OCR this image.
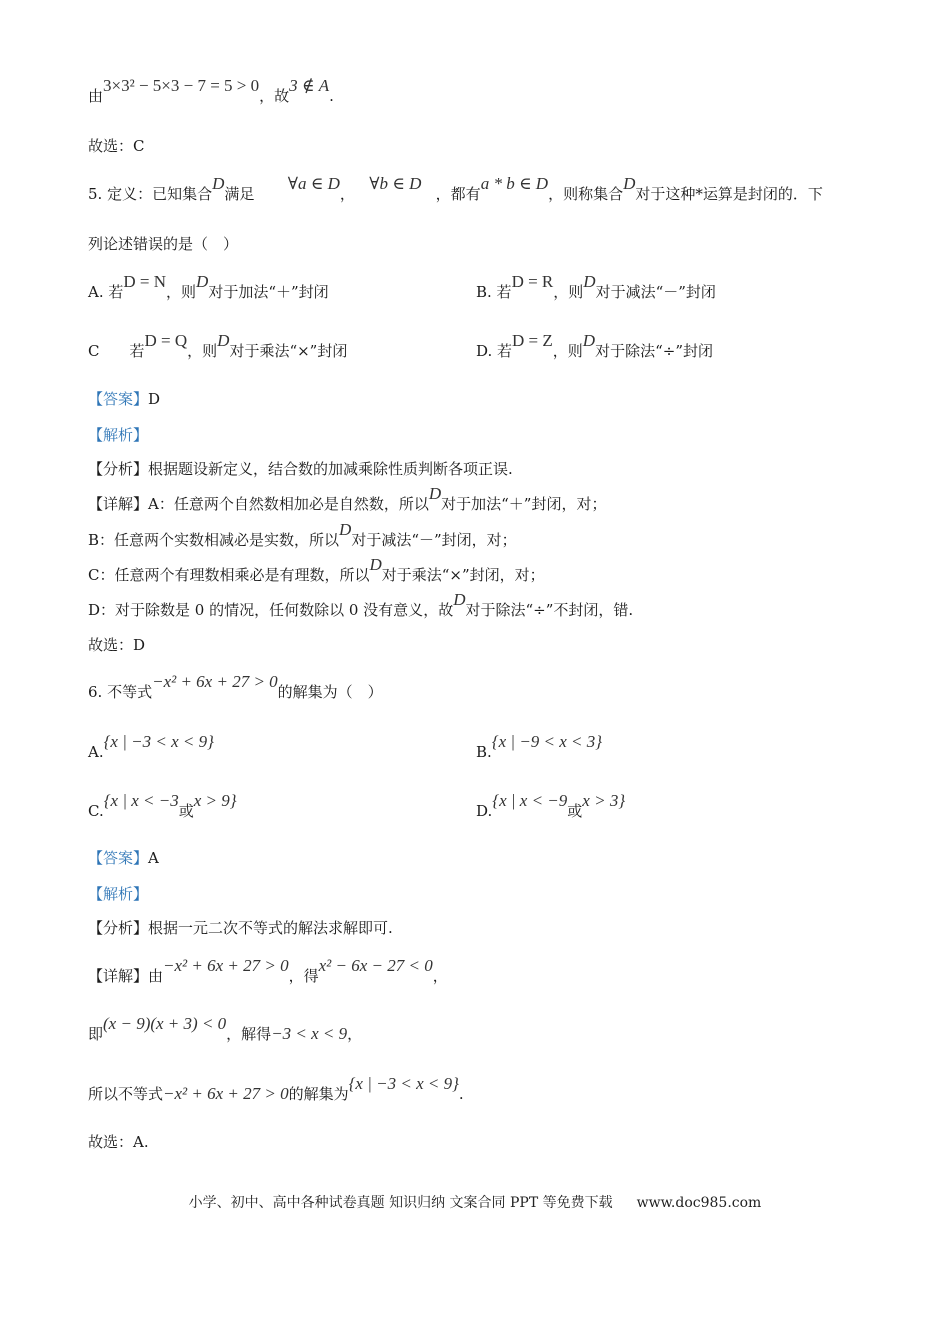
由3×3² − 5×3 − 7 = 5 > 0，故3 ∉ A.
故选：C
5. 定义：已知集合D满足       ∀a ∈ D，   ∀b ∈ D   ，都有a * b ∈ D，则称集合D对于这种*运算是封闭的．下
列论述错误的是（　）
A. 若D = N，则D对于加法“＋”封闭	B. 若D = R，则D对于减法“－”封闭
C　　若D = Q，则D对于乘法“×”封闭	D. 若D = Z，则D对于除法“÷”封闭
【答案】D
【解析】
【分析】根据题设新定义，结合数的加减乘除性质判断各项正误.
【详解】A：任意两个自然数相加必是自然数，所以D对于加法“＋”封闭，对；
B：任意两个实数相减必是实数，所以D对于减法“－”封闭，对；
C：任意两个有理数相乘必是有理数，所以D对于乘法“×”封闭，对；
D：对于除数是 0 的情况，任何数除以 0 没有意义，故D对于除法“÷”不封闭，错.
故选：D
6. 不等式−x² + 6x + 27 > 0的解集为（　）
A.{x | −3 < x < 9}
B.{x | −9 < x < 3}
C.{x | x < −3或x > 9}
D.{x | x < −9或x > 3}
【答案】A
【解析】
【分析】根据一元二次不等式的解法求解即可.
【详解】由−x² + 6x + 27 > 0，得x² − 6x − 27 < 0，
即(x − 9)(x + 3) < 0，解得−3 < x < 9，
所以不等式−x² + 6x + 27 > 0的解集为{x | −3 < x < 9}.
故选：A.
小学、初中、高中各种试卷真题 知识归纳 文案合同 PPT 等免费下载 www.doc985.com
